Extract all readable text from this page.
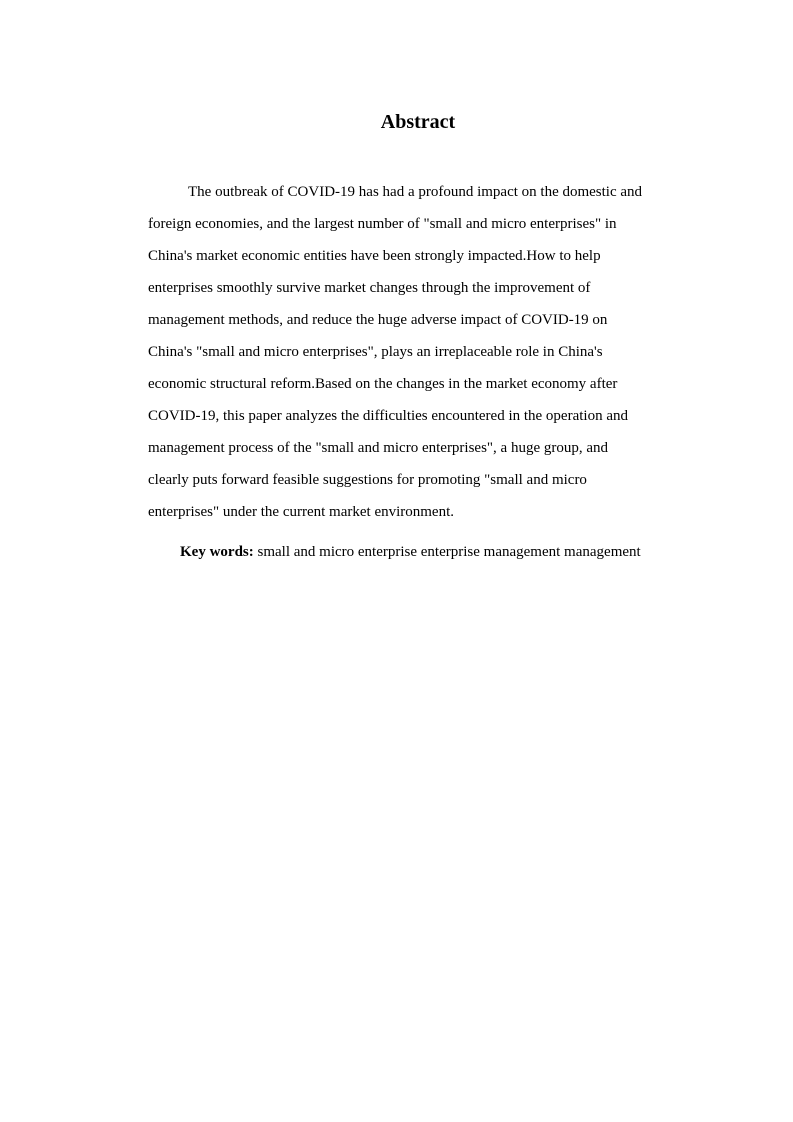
Abstract
The outbreak of COVID-19 has had a profound impact on the domestic and
foreign economies, and the largest number of "small and micro enterprises" in
China's market economic entities have been strongly impacted.How to help
enterprises smoothly survive market changes through the improvement of
management methods, and reduce the huge adverse impact of COVID-19 on
China's "small and micro enterprises", plays an irreplaceable role in China's
economic structural reform.Based on the changes in the market economy after
COVID-19, this paper analyzes the difficulties encountered in the operation and
management process of the "small and micro enterprises", a huge group, and
clearly puts forward feasible suggestions for promoting "small and micro
enterprises" under the current market environment.
Key words: small and micro enterprise enterprise management management
